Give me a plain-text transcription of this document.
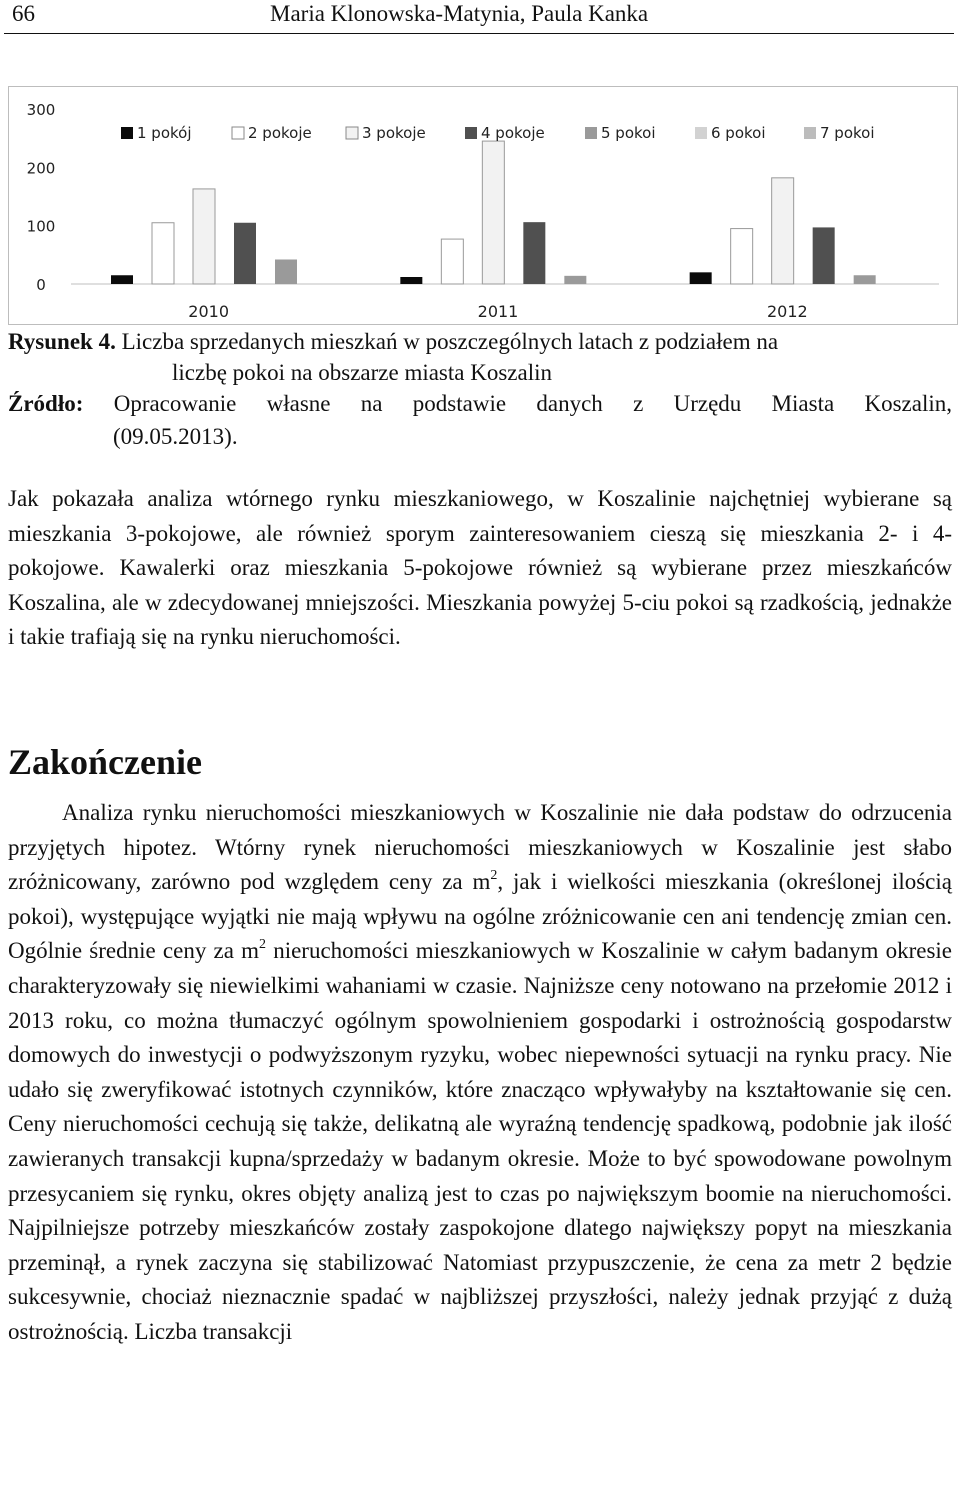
66	Maria Klonowska-Matynia, Paula Kanka
0
100
200
300
2010	2011	2012
1 pokój	2 pokoje	3 pokoje	4 pokoje	5 pokoi	6 pokoi	7 pokoi
Rysunek 4. Liczba sprzedanych mieszkań w poszczególnych latach z podziałem na
liczbę pokoi na obszarze miasta Koszalin
Źródło: Opracowanie własne na podstawie danych z Urzędu Miasta Koszalin,
(09.05.2013).

Jak pokazała analiza wtórnego rynku mieszkaniowego, w Koszalinie najchętniej wybierane są mieszkania 3-pokojowe, ale również sporym zainteresowaniem cieszą się mieszkania 2- i 4-pokojowe. Kawalerki oraz mieszkania 5-pokojowe również są wybierane przez mieszkańców Koszalina, ale w zdecydowanej mniejszości. Mieszkania powyżej 5-ciu pokoi są rzadkością, jednakże i takie trafiają się na rynku nieruchomości.

Zakończenie

Analiza rynku nieruchomości mieszkaniowych w Koszalinie nie dała podstaw do odrzucenia przyjętych hipotez. Wtórny rynek nieruchomości mieszkaniowych w Koszalinie jest słabo zróżnicowany, zarówno pod względem ceny za $m^2$, jak i wielkości mieszkania (określonej ilością pokoi), występujące wyjątki nie mają wpływu na ogólne zróżnicowanie cen ani tendencję zmian cen. Ogólnie średnie ceny za $m^2$ nieruchomości mieszkaniowych w Koszalinie w całym badanym okresie charakteryzowały się niewielkimi wahaniami w czasie. Najniższe ceny notowano na przełomie 2012 i 2013 roku, co można tłumaczyć ogólnym spowolnieniem gospodarki i ostrożnością gospodarstw domowych do inwestycji o podwyższonym ryzyku, wobec niepewności sytuacji na rynku pracy. Nie udało się zweryfikować istotnych czynników, które znacząco wpływałyby na kształtowanie się cen. Ceny nieruchomości cechują się także, delikatną ale wyraźną tendencję spadkową, podobnie jak ilość zawieranych transakcji kupna/sprzedaży w badanym okresie. Może to być spowodowane powolnym przesycaniem się rynku, okres objęty analizą jest to czas po największym boomie na nieruchomości. Najpilniejsze potrzeby mieszkańców zostały zaspokojone dlatego największy popyt na mieszkania przeminął, a rynek zaczyna się stabilizować Natomiast przypuszczenie, że cena za metr 2 będzie sukcesywnie, chociaż nieznacznie spadać w najbliższej przyszłości, należy jednak przyjąć z dużą ostrożnością. Liczba transakcji
